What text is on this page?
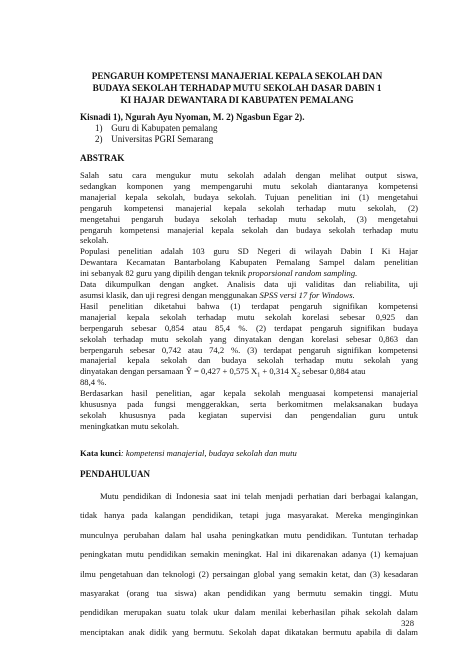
PENGARUH KOMPETENSI MANAJERIAL KEPALA SEKOLAH DAN
BUDAYA SEKOLAH TERHADAP MUTU SEKOLAH DASAR DABIN 1
KI HAJAR DEWANTARA DI KABUPATEN PEMALANG
Kisnadi 1), Ngurah Ayu Nyoman, M. 2) Ngasbun Egar 2).
1) Guru di Kabupaten pemalang
2) Universitas PGRI Semarang
ABSTRAK
Salah satu cara mengukur mutu sekolah adalah dengan melihat output siswa,
sedangkan komponen yang mempengaruhi mutu sekolah diantaranya kompetensi
manajerial kepala sekolah, budaya sekolah. Tujuan penelitian ini (1) mengetahui
pengaruh kompetensi manajerial kepala sekolah terhadap mutu sekolah, (2)
mengetahui pengaruh budaya sekolah terhadap mutu sekolah, (3) mengetahui
pengaruh kompetensi manajerial kepala sekolah dan budaya sekolah terhadap mutu
sekolah.
Populasi penelitian adalah 103 guru SD Negeri di wilayah Dabin I Ki Hajar
Dewantara Kecamatan Bantarbolang Kabupaten Pemalang Sampel dalam penelitian
ini sebanyak 82 guru yang dipilih dengan teknik proporsional random sampling.
Data dikumpulkan dengan angket. Analisis data uji validitas dan reliabilita, uji
asumsi klasik, dan uji regresi dengan menggunakan SPSS versi 17 for Windows.
Hasil penelitian diketahui bahwa (1) terdapat pengaruh signifikan kompetensi
manajerial kepala sekolah terhadap mutu sekolah korelasi sebesar 0,925 dan
berpengaruh sebesar 0,854 atau 85,4 %. (2) terdapat pengaruh signifikan budaya
sekolah terhadap mutu sekolah yang dinyatakan dengan korelasi sebesar 0,863 dan
berpengaruh sebesar 0,742 atau 74,2 %. (3) terdapat pengaruh signifikan kompetensi
manajerial kepala sekolah dan budaya sekolah terhadap mutu sekolah yang
dinyatakan dengan persamaan Ŷ = 0,427 + 0,575 $X_1 + 0,314$ $X_2$ sebesar 0,884 atau
88,4 %.
Berdasarkan hasil penelitian, agar kepala sekolah menguasai kompetensi manajerial
khususnya pada fungsi menggerakkan, serta berkomitmen melaksanakan budaya
sekolah khususnya pada kegiatan supervisi dan pengendalian guru untuk
meningkatkan mutu sekolah.
Kata kunci: kompetensi manajerial, budaya sekolah dan mutu
PENDAHULUAN
Mutu pendidikan di Indonesia saat ini telah menjadi perhatian dari berbagai kalangan,
tidak hanya pada kalangan pendidikan, tetapi juga masyarakat. Mereka menginginkan
munculnya perubahan dalam hal usaha peningkatkan mutu pendidikan. Tuntutan terhadap
peningkatan mutu pendidikan semakin meningkat. Hal ini dikarenakan adanya (1) kemajuan
ilmu pengetahuan dan teknologi (2) persaingan global yang semakin ketat, dan (3) kesadaran
masyarakat (orang tua siswa) akan pendidikan yang bermutu semakin tinggi. Mutu
pendidikan merupakan suatu tolak ukur dalam menilai keberhasilan pihak sekolah dalam
menciptakan anak didik yang bermutu. Sekolah dapat dikatakan bermutu apabila di dalam
328
